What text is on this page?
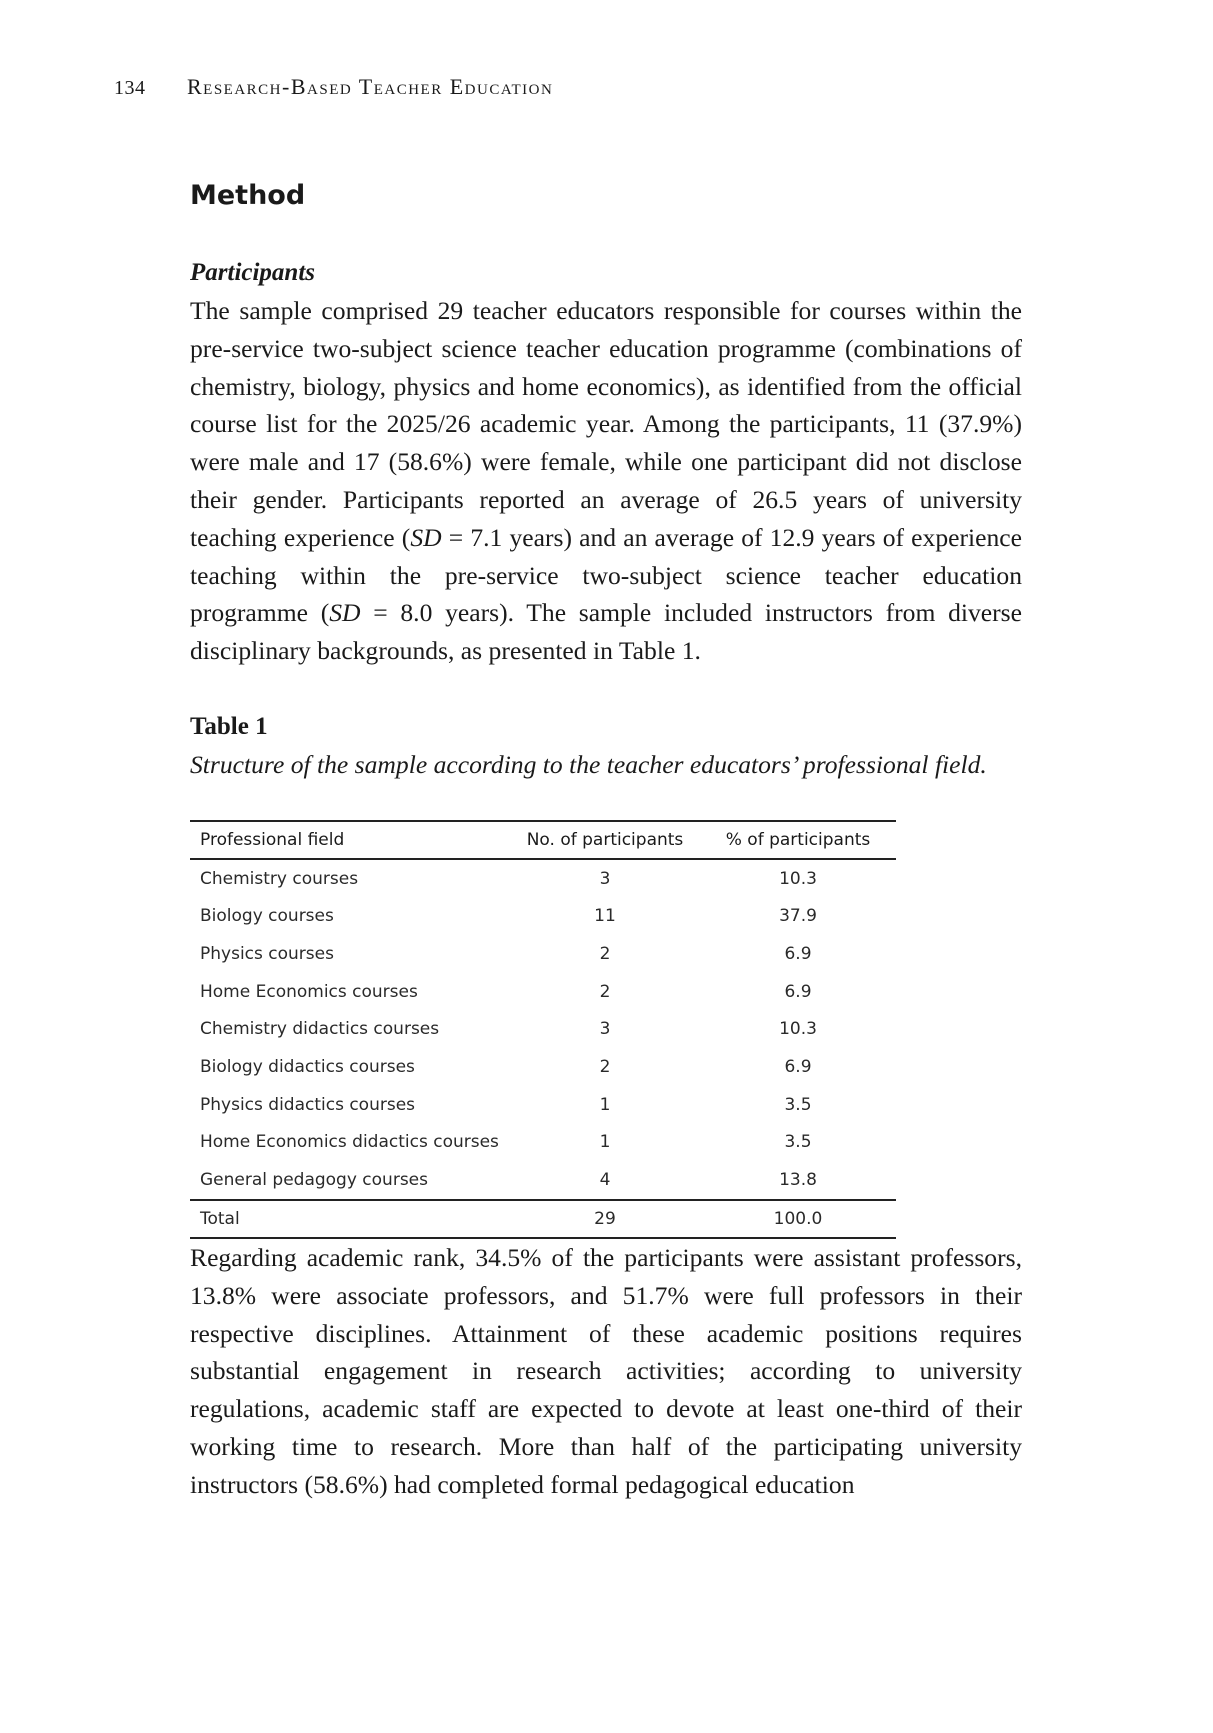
134 Research-Based Teacher Education
Method
Participants

The sample comprised 29 teacher educators responsible for courses within the pre-service two-subject science teacher education programme (combinations of chemistry, biology, physics and home economics), as identified from the official course list for the 2025/26 academic year. Among the participants, 11 (37.9%) were male and 17 (58.6%) were female, while one participant did not disclose their gender. Participants reported an average of 26.5 years of university teaching experience (SD = 7.1 years) and an average of 12.9 years of experience teaching within the pre-service two-subject science teacher education programme (SD = 8.0 years). The sample included instructors from diverse disciplinary backgrounds, as presented in Table 1.

Table 1
Structure of the sample according to the teacher educators’ professional field.
Professional field	No. of participants	% of participants
Chemistry courses	3	10.3
Biology courses	11	37.9
Physics courses	2	6.9
Home Economics courses	2	6.9
Chemistry didactics courses	3	10.3
Biology didactics courses	2	6.9
Physics didactics courses	1	3.5
Home Economics didactics courses	1	3.5
General pedagogy courses	4	13.8
Total	29	100.0

Regarding academic rank, 34.5% of the participants were assistant professors, 13.8% were associate professors, and 51.7% were full professors in their respective disciplines. Attainment of these academic positions requires substantial engagement in research activities; according to university regulations, academic staff are expected to devote at least one-third of their working time to research. More than half of the participating university instructors (58.6%) had completed formal pedagogical education
